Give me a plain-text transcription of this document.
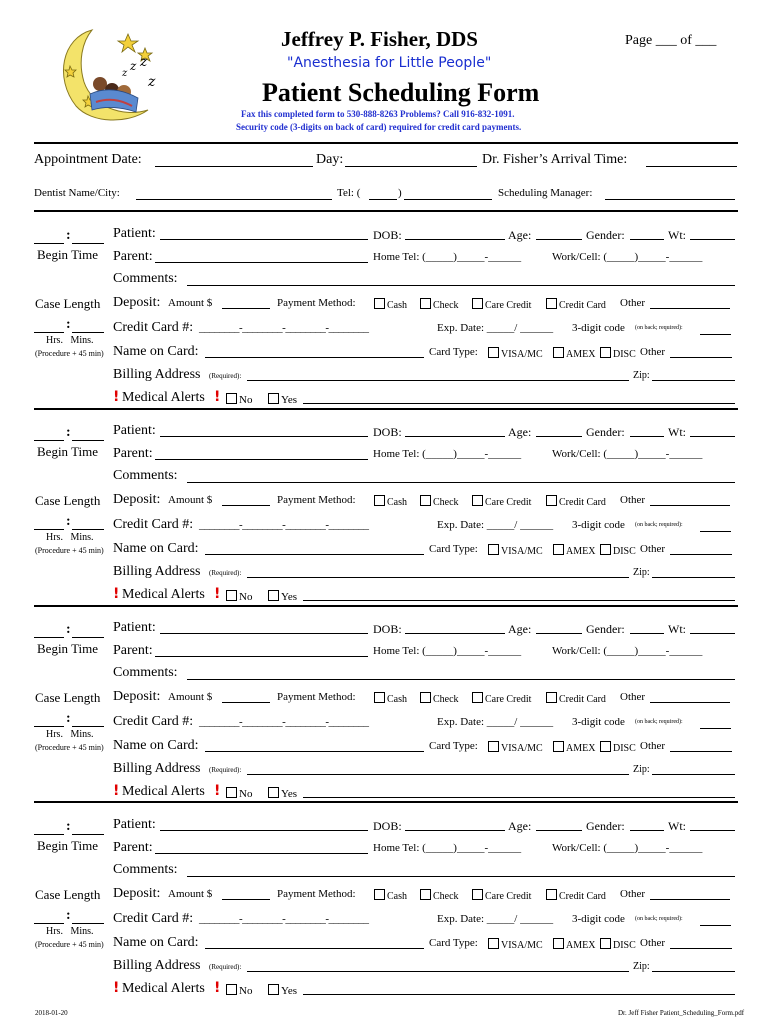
z
z z
z
Jeffrey P. Fisher, DDS	Page ___ of ___
"Anesthesia for Little People"
Patient Scheduling Form
Fax this completed form to 530-888-8263 Problems? Call 916-832-1091.
Security code (3-digits on back of card) required for credit card payments.
Appointment Date:	Day:	Dr. Fisher’s Arrival Time:
Dentist Name/City:	Tel: (	)	Scheduling Manager:
:
Begin Time
Case Length
:
Hrs.   Mins.
(Procedure + 45 min)
Patient:	DOB:	Age:	Gender:	Wt:
Parent:	Home Tel: (_____)_____-______	Work/Cell: (_____)_____-______
Comments:
Deposit: Amount $	Payment Method:	Cash	Check	Care Credit	Credit Card Other
Credit Card #: ________-________-________-________	Exp. Date: _____/ ______ 3-digit code (on back; required):
Name on Card:	Card Type:	VISA/MC	AMEX	DISC Other
Billing Address (Required):	Zip:
! Medical Alerts !	No	Yes
:
Begin Time
Case Length
:
Hrs.   Mins.
(Procedure + 45 min)
Patient:	DOB:	Age:	Gender:	Wt:
Parent:	Home Tel: (_____)_____-______	Work/Cell: (_____)_____-______
Comments:
Deposit: Amount $	Payment Method:	Cash	Check	Care Credit	Credit Card Other
Credit Card #: ________-________-________-________	Exp. Date: _____/ ______ 3-digit code (on back; required):
Name on Card:	Card Type:	VISA/MC	AMEX	DISC Other
Billing Address (Required):	Zip:
! Medical Alerts !	No	Yes
:
Begin Time
Case Length
:
Hrs.   Mins.
(Procedure + 45 min)
Patient:	DOB:	Age:	Gender:	Wt:
Parent:	Home Tel: (_____)_____-______	Work/Cell: (_____)_____-______
Comments:
Deposit: Amount $	Payment Method:	Cash	Check	Care Credit	Credit Card Other
Credit Card #: ________-________-________-________	Exp. Date: _____/ ______ 3-digit code (on back; required):
Name on Card:	Card Type:	VISA/MC	AMEX	DISC Other
Billing Address (Required):	Zip:
! Medical Alerts !	No	Yes
:
Begin Time
Case Length
:
Hrs.   Mins.
(Procedure + 45 min)
Patient:	DOB:	Age:	Gender:	Wt:
Parent:	Home Tel: (_____)_____-______	Work/Cell: (_____)_____-______
Comments:
Deposit: Amount $	Payment Method:	Cash	Check	Care Credit	Credit Card Other
Credit Card #: ________-________-________-________	Exp. Date: _____/ ______ 3-digit code (on back; required):
Name on Card:	Card Type:	VISA/MC	AMEX	DISC Other
Billing Address (Required):	Zip:
! Medical Alerts !	No	Yes
2018-01-20	Dr. Jeff Fisher Patient_Scheduling_Form.pdf
